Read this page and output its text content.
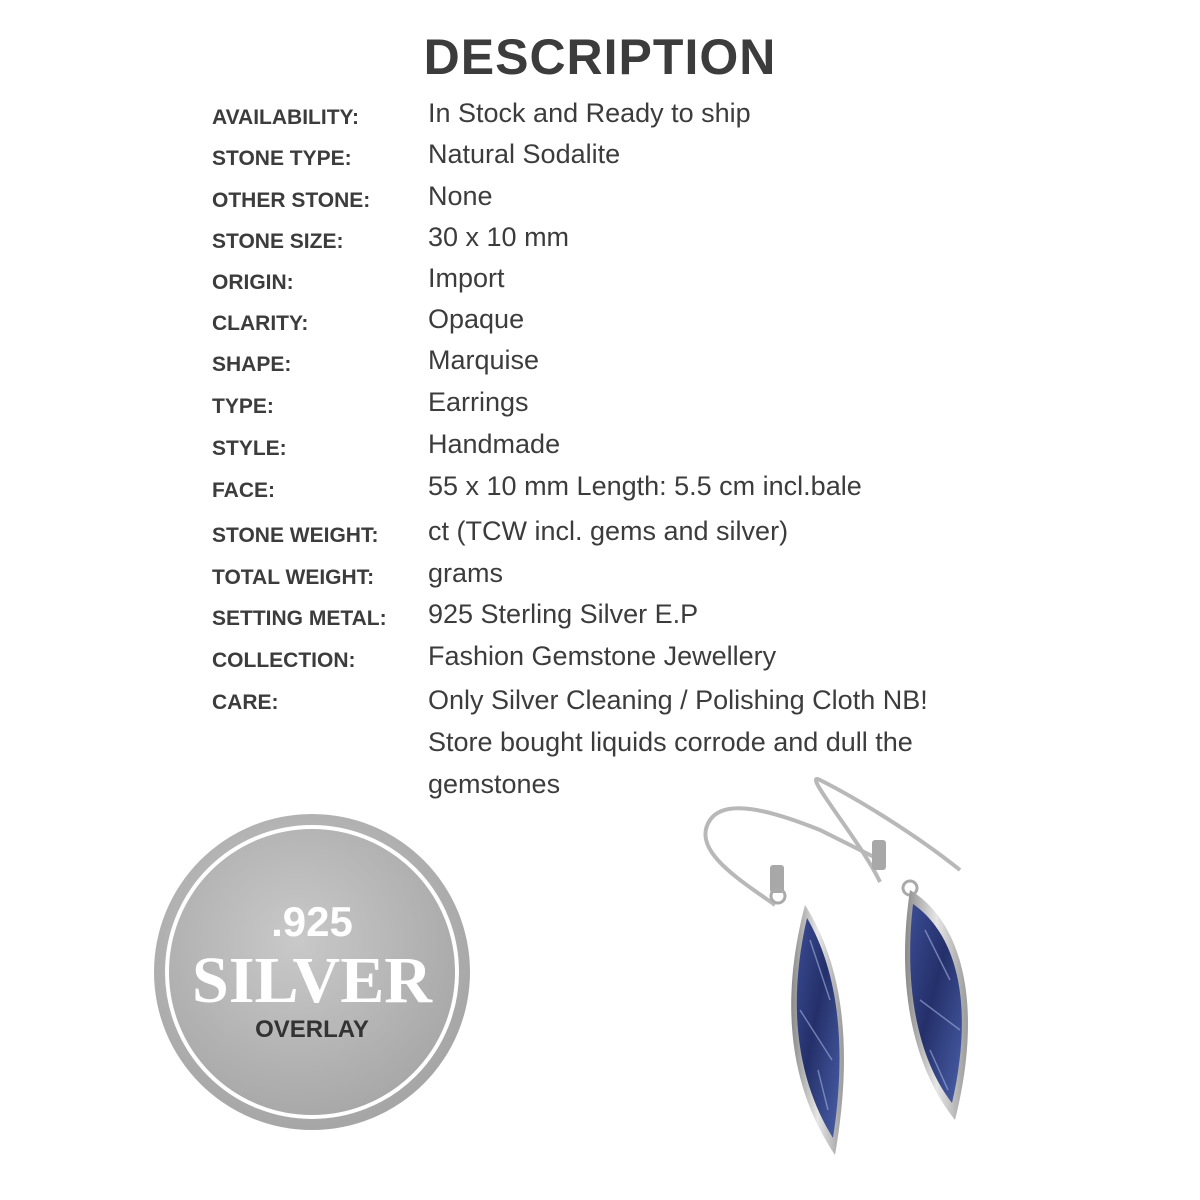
DESCRIPTION
AVAILABILITY:	In Stock and Ready to ship
STONE TYPE:	Natural Sodalite
OTHER STONE: None
STONE SIZE:	30 x 10 mm
ORIGIN:	Import
CLARITY:	Opaque
SHAPE:	Marquise
TYPE:	Earrings
STYLE:	Handmade
FACE:	55 x 10 mm Length: 5.5 cm incl.bale
STONE WEIGHT: ct (TCW incl. gems and silver)
TOTAL WEIGHT: grams
SETTING METAL: 925 Sterling Silver E.P
COLLECTION:	Fashion Gemstone Jewellery
CARE:	Only Silver Cleaning / Polishing Cloth NB! Store bought liquids corrode and dull the gemstones
.925
SILVER
OVERLAY
